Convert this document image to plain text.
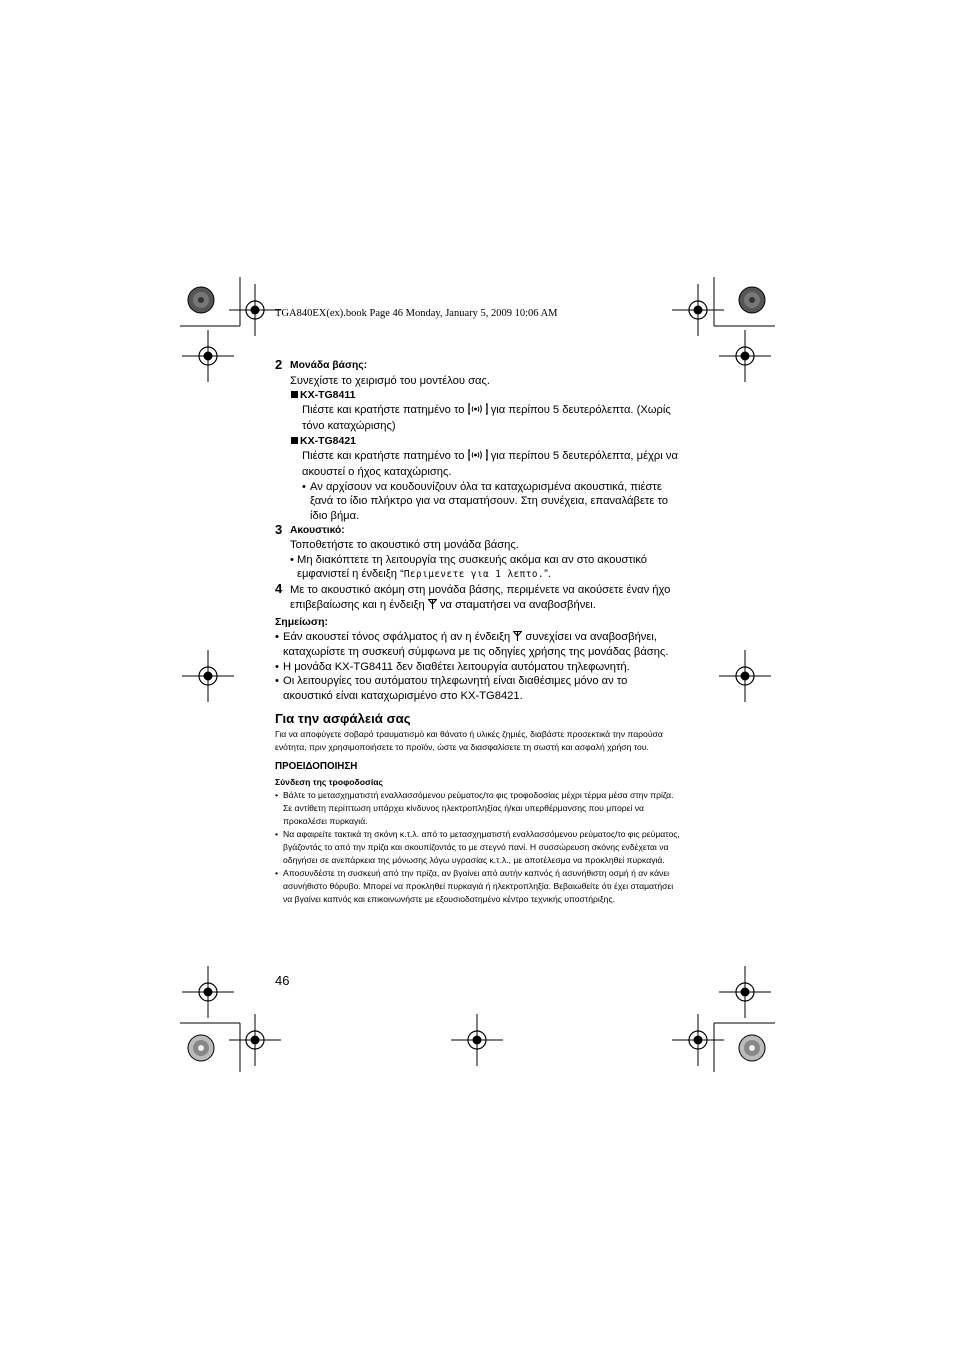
TGA840EX(ex).book Page 46 Monday, January 5, 2009 10:06 AM
2 Μονάδα βάσης:
Συνεχίστε το χειρισμό του μοντέλου σας.
KX-TG8411
Πιέστε και κρατήστε πατημένο το  για περίπου 5 δευτερόλεπτα. (Χωρίς τόνο καταχώρισης)
KX-TG8421
Πιέστε και κρατήστε πατημένο το  για περίπου 5 δευτερόλεπτα, μέχρι να ακουστεί ο ήχος καταχώρισης.
• Αν αρχίσουν να κουδουνίζουν όλα τα καταχωρισμένα ακουστικά, πιέστε ξανά το ίδιο πλήκτρο για να σταματήσουν. Στη συνέχεια, επαναλάβετε το ίδιο βήμα.
3 Ακουστικό:
Τοποθετήστε το ακουστικό στη μονάδα βάσης.
• Μη διακόπτετε τη λειτουργία της συσκευής ακόμα και αν στο ακουστικό εμφανιστεί η ένδειξη “Περιμενετε για 1 λεπτο.”.
4 Με το ακουστικό ακόμη στη μονάδα βάσης, περιμένετε να ακούσετε έναν ήχο επιβεβαίωσης και η ένδειξη  να σταματήσει να αναβοσβήνει.
Σημείωση:
• Εάν ακουστεί τόνος σφάλματος ή αν η ένδειξη  συνεχίσει να αναβοσβήνει, καταχωρίστε τη συσκευή σύμφωνα με τις οδηγίες χρήσης της μονάδας βάσης.
• Η μονάδα KX-TG8411 δεν διαθέτει λειτουργία αυτόματου τηλεφωνητή.
• Οι λειτουργίες του αυτόματου τηλεφωνητή είναι διαθέσιμες μόνο αν το ακουστικό είναι καταχωρισμένο στο KX-TG8421.
Για την ασφάλειά σας
Για να αποφύγετε σοβαρό τραυματισμό και θάνατο ή υλικές ζημιές, διαβάστε προσεκτικά την παρούσα ενότητα, πριν χρησιμοποιήσετε το προϊόν, ώστε να διασφαλίσετε τη σωστή και ασφαλή χρήση του.
ΠΡΟΕΙΔΟΠΟΙΗΣΗ
Σύνδεση της τροφοδοσίας
• Βάλτε το μετασχηματιστή εναλλασσόμενου ρεύματος/το φις τροφοδοσίας μέχρι τέρμα μέσα στην πρίζα. Σε αντίθετη περίπτωση υπάρχει κίνδυνος ηλεκτροπληξίας ή/και υπερθέρμανσης που μπορεί να προκαλέσει πυρκαγιά.
• Να αφαιρείτε τακτικά τη σκόνη κ.τ.λ. από το μετασχηματιστή εναλλασσόμενου ρεύματος/το φις ρεύματος, βγάζοντάς το από την πρίζα και σκουπίζοντάς το με στεγνό πανί. Η συσσώρευση σκόνης ενδέχεται να οδηγήσει σε ανεπάρκεια της μόνωσης λόγω υγρασίας κ.τ.λ., με αποτέλεσμα να προκληθεί πυρκαγιά.
• Αποσυνδέστε τη συσκευή από την πρίζα, αν βγαίνει από αυτήν καπνός ή ασυνήθιστη οσμή ή αν κάνει ασυνήθιστο θόρυβο. Μπορεί να προκληθεί πυρκαγιά ή ηλεκτροπληξία. Βεβαιωθείτε ότι έχει σταματήσει να βγαίνει καπνός και επικοινωνήστε με εξουσιοδοτημένο κέντρο τεχνικής υποστήριξης.
46
